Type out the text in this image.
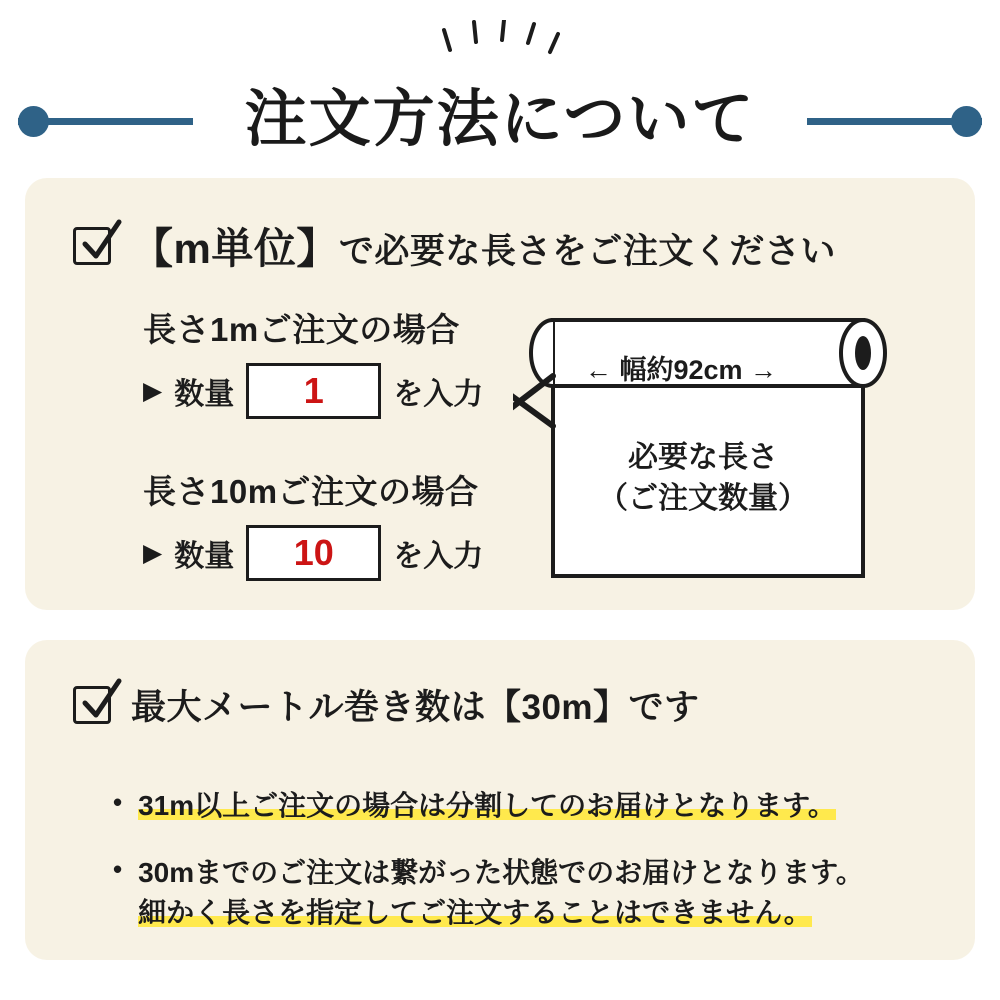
注文方法について
【m単位】で必要な長さをご注文ください
長さ1mご注文の場合
▶ 数量	1	を入力
長さ10mご注文の場合
▶ 数量	10	を入力
← 幅約92cm →
必要な長さ
（ご注文数量）
最大メートル巻き数は【30m】です
• 31m以上ご注文の場合は分割してのお届けとなります。
• 30mまでのご注文は繋がった状態でのお届けとなります。
細かく長さを指定してご注文することはできません。
